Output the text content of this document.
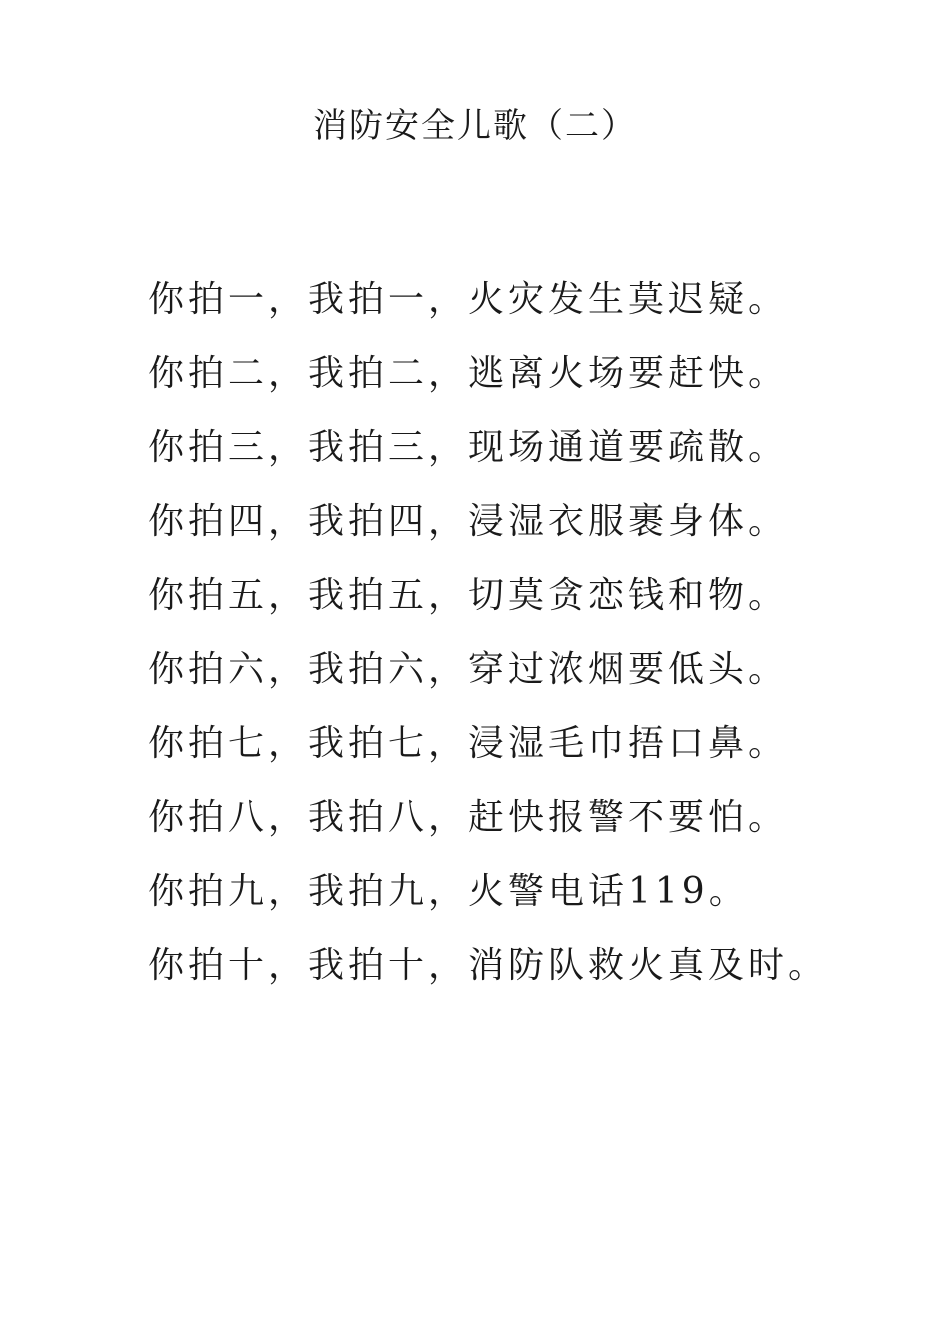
消防安全儿歌（二）
你拍一，我拍一，火灾发生莫迟疑。
你拍二，我拍二，逃离火场要赶快。
你拍三，我拍三，现场通道要疏散。
你拍四，我拍四，浸湿衣服裹身体。
你拍五，我拍五，切莫贪恋钱和物。
你拍六，我拍六，穿过浓烟要低头。
你拍七，我拍七，浸湿毛巾捂口鼻。
你拍八，我拍八，赶快报警不要怕。
你拍九，我拍九，火警电话119。
你拍十，我拍十，消防队救火真及时。
